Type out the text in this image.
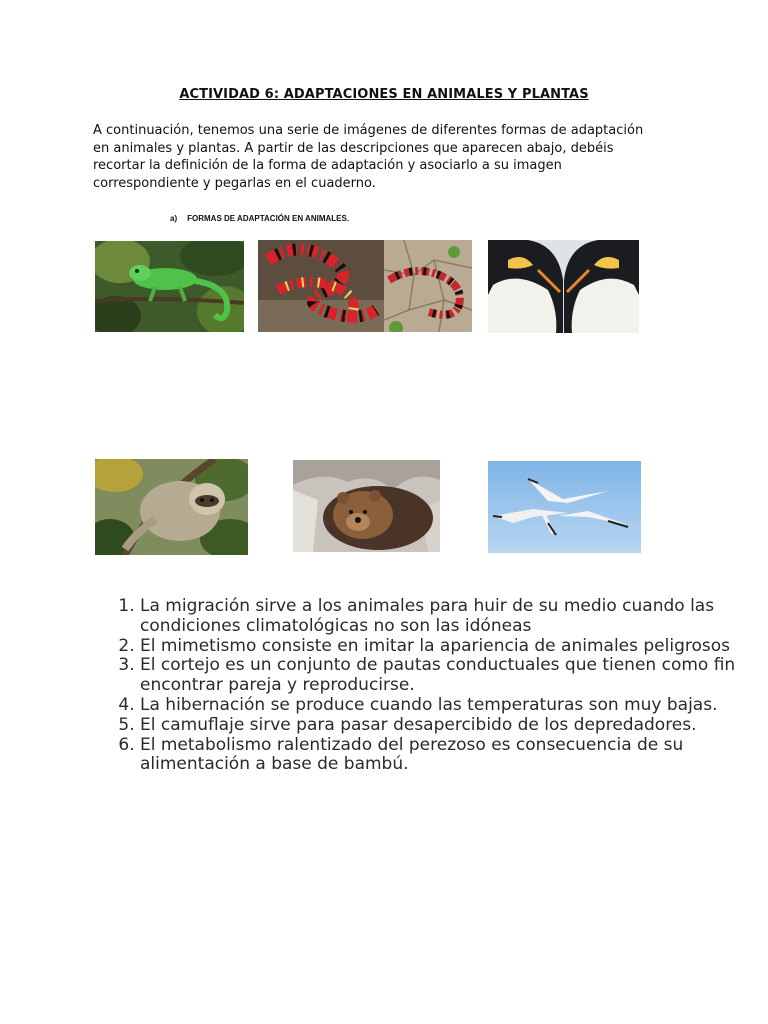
ACTIVIDAD 6: ADAPTACIONES EN ANIMALES Y PLANTAS

A continuación, tenemos una serie de imágenes de diferentes formas de adaptación en animales y plantas. A partir de las descripciones que aparecen abajo, debéis recortar la definición de la forma de adaptación y asociarlo a su imagen correspondiente y pegarlas en el cuaderno.

a) FORMAS DE ADAPTACIÓN EN ANIMALES.
1. La migración sirve a los animales para huir de su medio cuando las condiciones climatológicas no son las idóneas
2. El mimetismo consiste en imitar la apariencia de animales peligrosos
3. El cortejo es un conjunto de pautas conductuales que tienen como fin encontrar pareja y reproducirse.
4. La hibernación se produce cuando las temperaturas son muy bajas.
5. El camuflaje sirve para pasar desapercibido de los depredadores.
6. El metabolismo ralentizado del perezoso es consecuencia de su alimentación a base de bambú.
